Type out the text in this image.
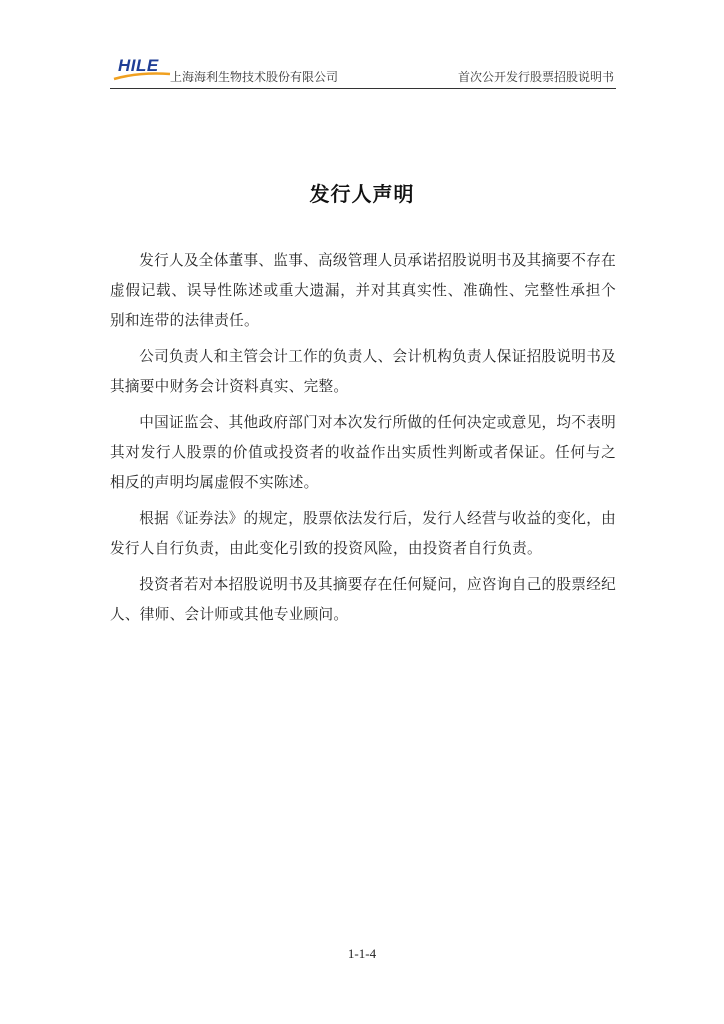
HILE
上海海利生物技术股份有限公司	首次公开发行股票招股说明书
发行人声明

发行人及全体董事、监事、高级管理人员承诺招股说明书及其摘要不存在虚假记载、误导性陈述或重大遗漏，并对其真实性、准确性、完整性承担个别和连带的法律责任。

公司负责人和主管会计工作的负责人、会计机构负责人保证招股说明书及其摘要中财务会计资料真实、完整。

中国证监会、其他政府部门对本次发行所做的任何决定或意见，均不表明其对发行人股票的价值或投资者的收益作出实质性判断或者保证。任何与之相反的声明均属虚假不实陈述。

根据《证券法》的规定，股票依法发行后，发行人经营与收益的变化，由发行人自行负责，由此变化引致的投资风险，由投资者自行负责。

投资者若对本招股说明书及其摘要存在任何疑问，应咨询自己的股票经纪人、律师、会计师或其他专业顾问。

1-1-4
